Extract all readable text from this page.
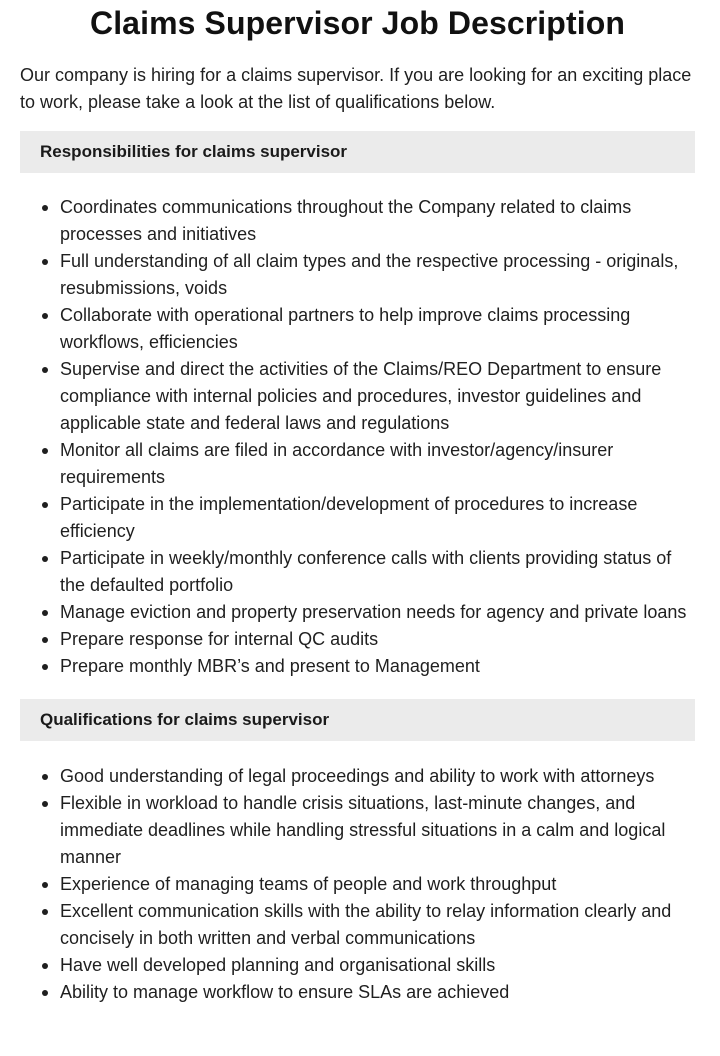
Claims Supervisor Job Description

Our company is hiring for a claims supervisor. If you are looking for an exciting place to work, please take a look at the list of qualifications below.

Responsibilities for claims supervisor
Coordinates communications throughout the Company related to claims processes and initiatives
Full understanding of all claim types and the respective processing - originals, resubmissions, voids
Collaborate with operational partners to help improve claims processing workflows, efficiencies
Supervise and direct the activities of the Claims/REO Department to ensure compliance with internal policies and procedures, investor guidelines and applicable state and federal laws and regulations
Monitor all claims are filed in accordance with investor/agency/insurer requirements
Participate in the implementation/development of procedures to increase efficiency
Participate in weekly/monthly conference calls with clients providing status of the defaulted portfolio
Manage eviction and property preservation needs for agency and private loans
Prepare response for internal QC audits
Prepare monthly MBR’s and present to Management
Qualifications for claims supervisor
Good understanding of legal proceedings and ability to work with attorneys
Flexible in workload to handle crisis situations, last-minute changes, and immediate deadlines while handling stressful situations in a calm and logical manner
Experience of managing teams of people and work throughput
Excellent communication skills with the ability to relay information clearly and concisely in both written and verbal communications
Have well developed planning and organisational skills
Ability to manage workflow to ensure SLAs are achieved
